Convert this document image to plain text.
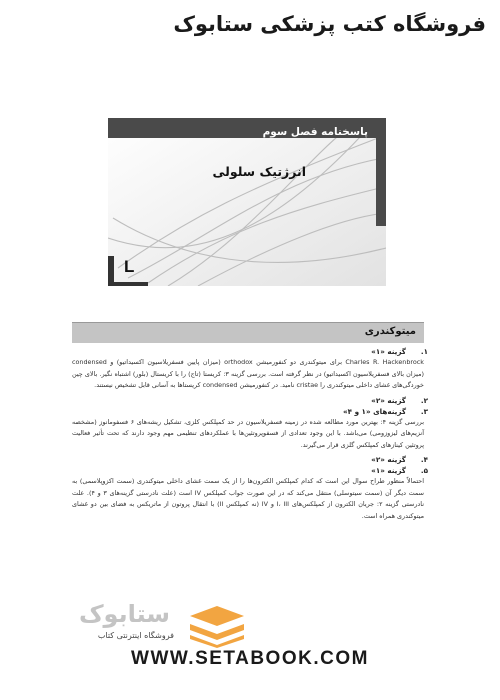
فروشگاه کتب پزشکی ستابوک
پاسخنامه فصل سوم
انرژتیک سلولی
L
میتوکندری
۱.
گزینه «۱»
Charles R. Hackenbrock برای میتوکندری دو کنفورمیشن orthodox (میزان پایین فسفریلاسیون اکسیداتیو) و condensed (میزان بالای فسفریلاسیون اکسیداتیو) در نظر گرفته است. بررسی گزینه ۳: کریستا (تاج) را با کریستال (بلور) اشتباه نگیر. بالای چین خوردگی‌های غشای داخلی میتوکندری را cristae نامید. در کنفورمیشن condensed کریستاها به آسانی قابل تشخیص نیستند.
۲.
گزینه «۲»
۳.
گزینه‌های «۱ و ۴»
بررسی گزینه ۴: بهترین مورد مطالعه شده در زمینه فسفریلاسیون در حد کمپلکس کلزی، تشکیل ریشه‌های ۶ فسفومانوز (مشخصه آنزیم‌های لیزوزومی) می‌باشد. با این وجود تعدادی از فسفوپروتئین‌ها با عملکردهای تنظیمی مهم وجود دارند که تحت تأثیر فعالیت پروتئین کینازهای کمپلکس گلزی قرار می‌گیرند.
۴.
گزینه «۲»
۵.
گزینه «۱»
احتمالاً منظور طراح سوال این است که کدام کمپلکس الکترون‌ها را از یک سمت غشای داخلی میتوکندری (سمت اکزوپلاسمی) به سمت دیگر آن (سمت سیتوسلی) منتقل می‌کند که در این صورت جواب کمپلکس IV است (علت نادرستی گزینه‌های ۳ و ۴). علت نادرستی گزینه ۲: جریان الکترون از کمپلکس‌های I، III و IV (نه کمپلکس II) با انتقال پروتون از ماتریکس به فضای بین دو غشای میتوکندری همراه است.
ستابوک
فروشگاه اینترنتی کتاب
WWW.SETABOOK.COM
